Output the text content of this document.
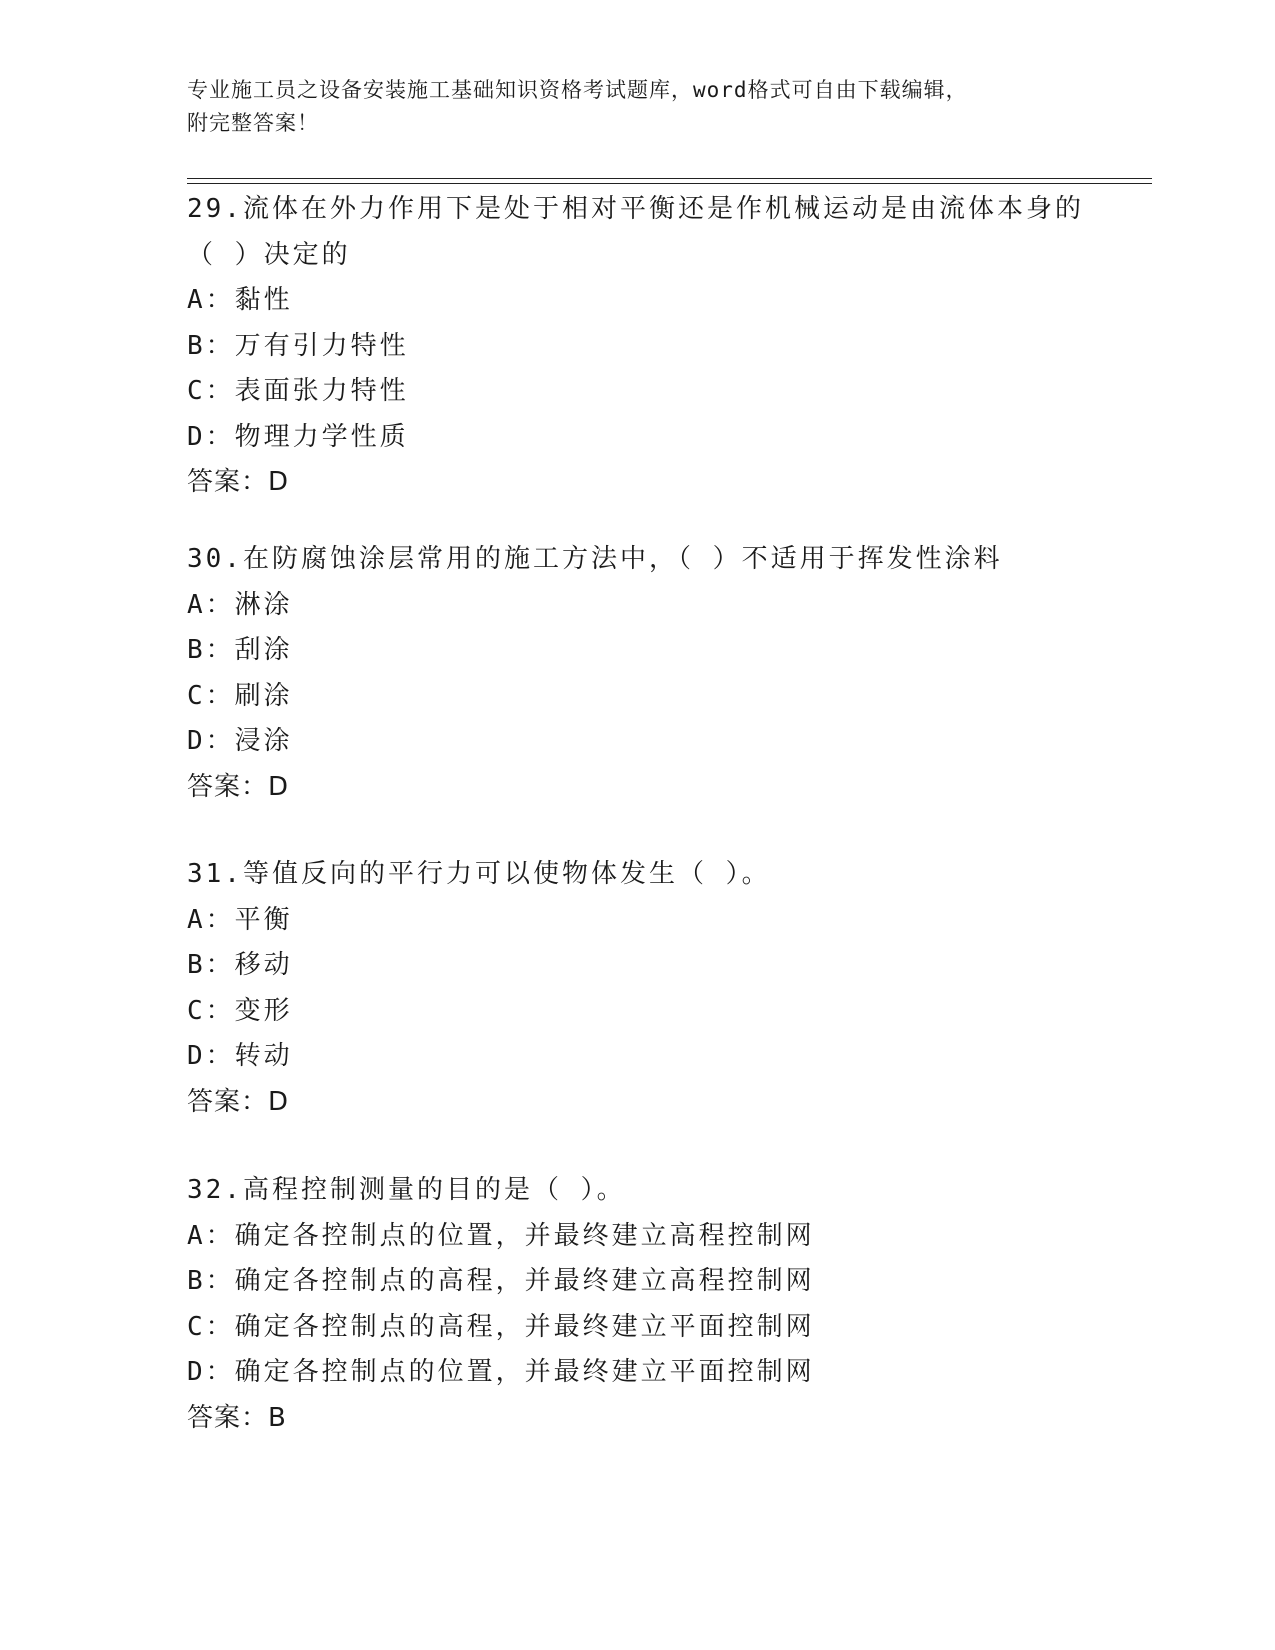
专业施工员之设备安装施工基础知识资格考试题库，word格式可自由下载编辑，
附完整答案！
29.流体在外力作用下是处于相对平衡还是作机械运动是由流体本身的
（ ）决定的
A：黏性
B：万有引力特性
C：表面张力特性
D：物理力学性质
答案：D
30.在防腐蚀涂层常用的施工方法中，（ ）不适用于挥发性涂料
A：淋涂
B：刮涂
C：刷涂
D：浸涂
答案：D
31.等值反向的平行力可以使物体发生（ ）。
A：平衡
B：移动
C：变形
D：转动
答案：D
32.高程控制测量的目的是（ ）。
A：确定各控制点的位置，并最终建立高程控制网
B：确定各控制点的高程，并最终建立高程控制网
C：确定各控制点的高程，并最终建立平面控制网
D：确定各控制点的位置，并最终建立平面控制网
答案：B
